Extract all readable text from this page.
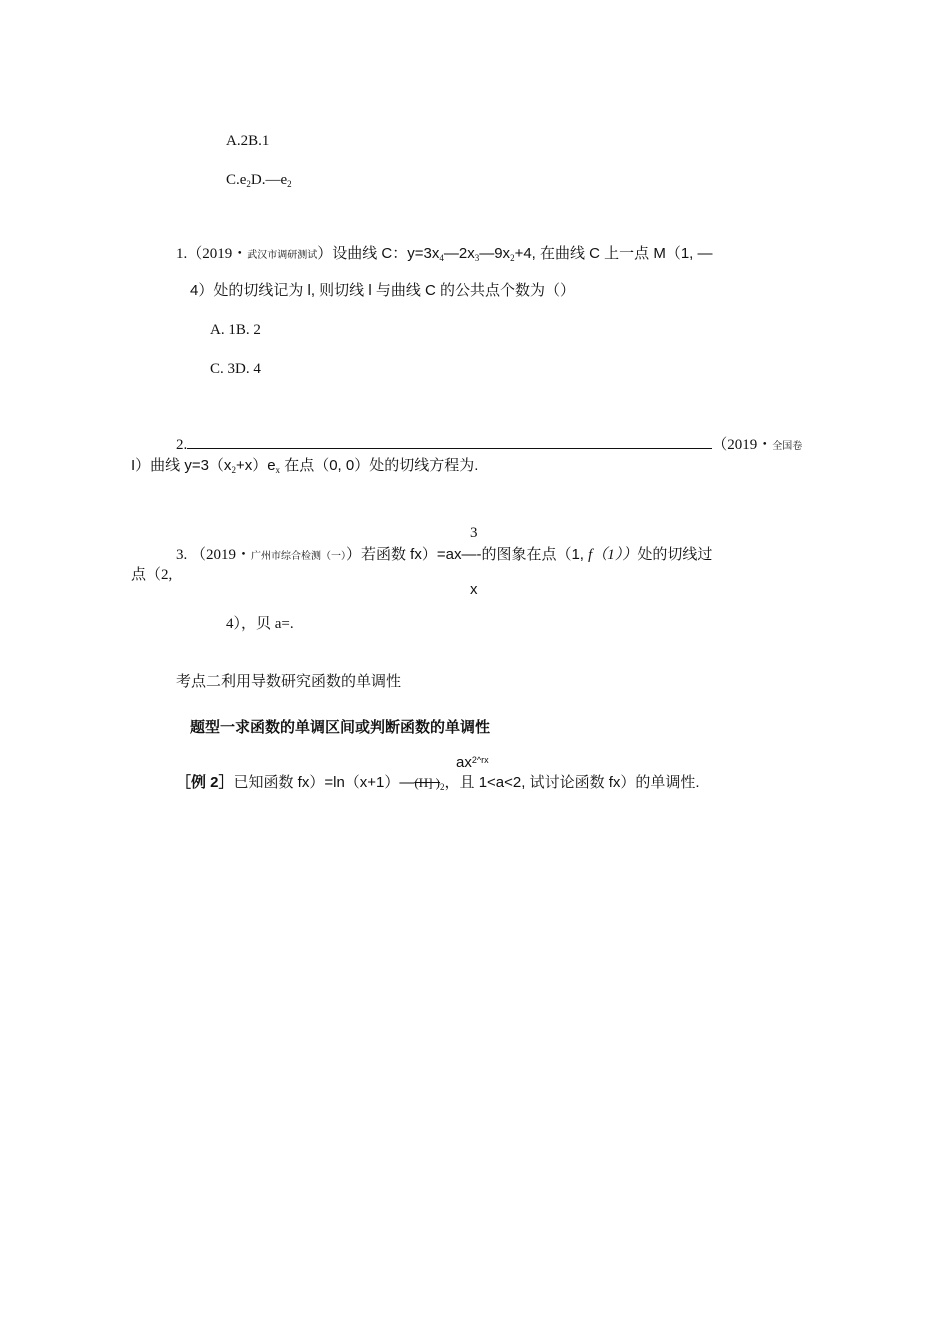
A.2B.1
$C.e_2D.—e_2$
1.（2019・武汉市调研测试）设曲线 C：$y=3x_4—2x_3—9x_2+4$, 在曲线 C 上一点 M（1, —
4）处的切线记为 l, 则切线 l 与曲线 C 的公共点个数为（）
A. 1B. 2
C. 3D. 4
2.	（2019・全国卷
I）曲线 $y=3(x_2+x)e_x$ 在点（0, 0）处的切线方程为.
3
3. （2019・广州市综合检测（一））若函数 fx）=ax—-的图象在点（1, f（1））处的切线过
点（2,
x
4），贝 a=.
考点二利用导数研究函数的单调性
题型一求函数的单调区间或判断函数的单调性
$ax^{2\^{}rx}$
［例 2］已知函数 fx）=ln（x+1）—(H] )$_2$，且 1<a<2, 试讨论函数 fx）的单调性.
